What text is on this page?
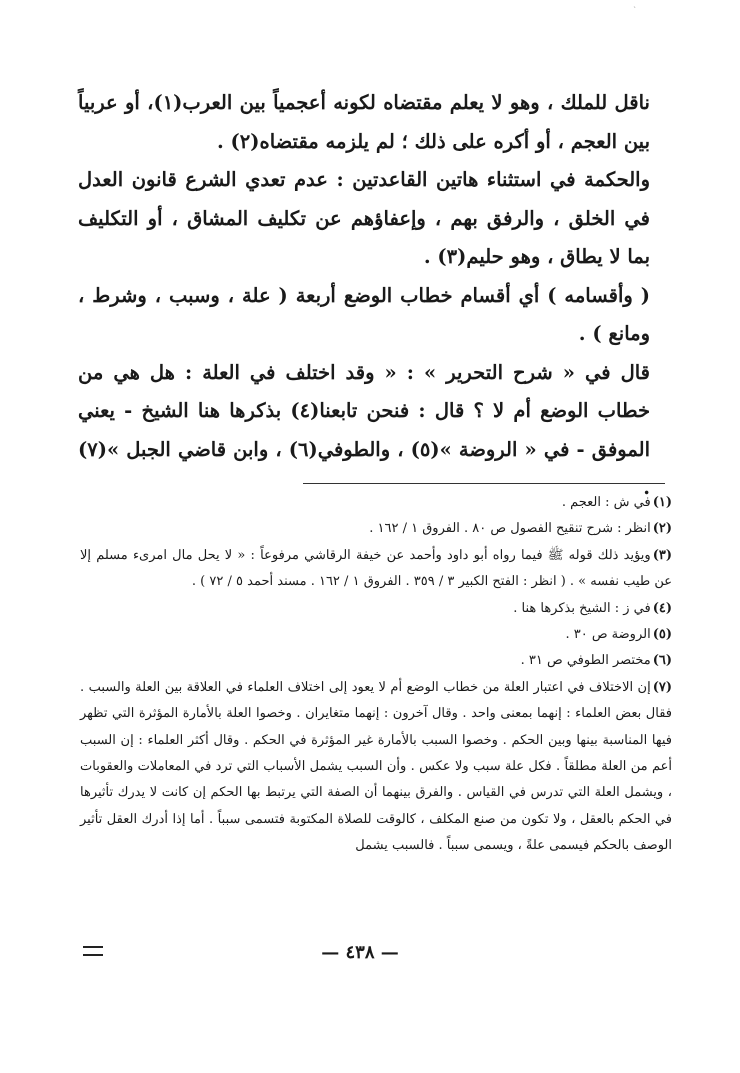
`

ناقل للملك ، وهو لا يعلم مقتضاه لكونه أعجمياً بين العرب(١)، أو عربياً بين العجم ، أو أكره على ذلك ؛ لم يلزمه مقتضاه(٢) .

والحكمة في استثناء هاتين القاعدتين : عدم تعدي الشرع قانون العدل في الخلق ، والرفق بهم ، وإعفاؤهم عن تكليف المشاق ، أو التكليف بما لا يطاق ، وهو حليم(٣) .

( وأقسامه ) أي أقسام خطاب الوضع أربعة ( علة ، وسبب ، وشرط ، ومانع ) .

قال في « شرح التحرير » : « وقد اختلف في العلة : هل هي من خطاب الوضع أم لا ؟ قال : فنحن تابعنا(٤) بذكرها هنا الشيخ - يعني الموفق - في « الروضة »(٥) ، والطوفي(٦) ، وابن قاضي الجبل »(٧) .

(١)في ش : العجم .

(٢)انظر : شرح تنقيح الفصول ص ٨٠ . الفروق ١ / ١٦٢ .

(٣)ويؤيد ذلك قوله ﷺ فيما رواه أبو داود وأحمد عن خيفة الرقاشي مرفوعاً : « لا يحل مال امرىء مسلم إلا عن طيب نفسه » . ( انظر : الفتح الكبير ٣ / ٣٥٩ . الفروق ١ / ١٦٢ . مسند أحمد ٥ / ٧٢ ) .

(٤)في ز : الشيخ بذكرها هنا .

(٥)الروضة ص ٣٠ .

(٦)مختصر الطوفي ص ٣١ .

(٧)إن الاختلاف في اعتبار العلة من خطاب الوضع أم لا يعود إلى اختلاف العلماء في العلاقة بين العلة والسبب . فقال بعض العلماء : إنهما بمعنى واحد . وقال آخرون : إنهما متغايران . وخصوا العلة بالأمارة المؤثرة التي تظهر فيها المناسبة بينها وبين الحكم . وخصوا السبب بالأمارة غير المؤثرة في الحكم . وقال أكثر العلماء : إن السبب أعم من العلة مطلقاً . فكل علة سبب ولا عكس . وأن السبب يشمل الأسباب التي ترد في المعاملات والعقوبات ، ويشمل العلة التي تدرس في القياس . والفرق بينهما أن الصفة التي يرتبط بها الحكم إن كانت لا يدرك تأثيرها في الحكم بالعقل ، ولا تكون من صنع المكلف ، كالوقت للصلاة المكتوبة فتسمى سبباً . أما إذا أدرك العقل تأثير الوصف بالحكم فيسمى علةً ، ويسمى سبباً . فالسبب يشمل

— ٤٣٨ —
